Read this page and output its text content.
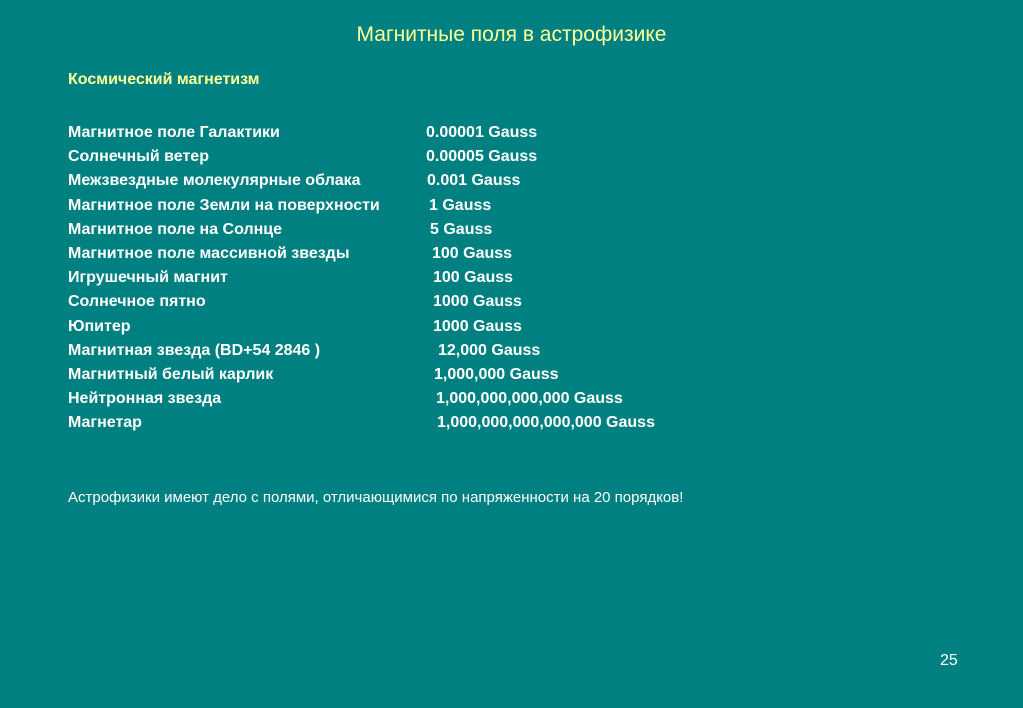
Магнитные поля в астрофизике
Космический магнетизм
Магнитное поле Галактики	0.00001 Gauss
Солнечный ветер	0.00005 Gauss
Межзвездные молекулярные облака	0.001 Gauss
Магнитное поле Земли на поверхности	1 Gauss
Магнитное поле на Солнце	5 Gauss
Магнитное поле массивной звезды	100 Gauss
Игрушечный магнит	100 Gauss
Солнечное пятно	1000 Gauss
Юпитер	1000 Gauss
Магнитная звезда (BD+54 2846 )	12,000 Gauss
Магнитный белый карлик	1,000,000 Gauss
Нейтронная звезда	1,000,000,000,000 Gauss
Магнетар	1,000,000,000,000,000 Gauss
Астрофизики имеют дело с полями, отличающимися по напряженности на 20 порядков!
25
